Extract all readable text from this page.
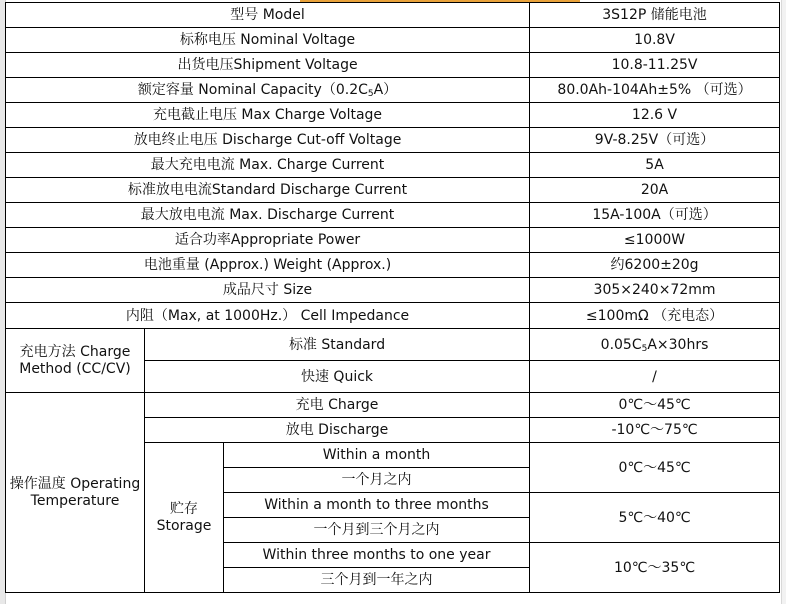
型号 Model			3S12P 储能电池
标称电压 Nominal Voltage			10.8V
出货电压Shipment Voltage			10.8-11.25V
额定容量 Nominal $Capacity(0.2C_5A)$			80.0Ah-104Ah±5% （可选）
充电截止电压 Max Charge Voltage			12.6 V
放电终止电压 Discharge Cut-off Voltage			9V-8.25V（可选）
最大充电电流 Max. Charge Current			5A
标准放电电流Standard Discharge Current			20A
最大放电电流 Max. Discharge Current			15A-100A（可选）
适合功率Appropriate Power			≤1000W
电池重量 (Approx.) Weight (Approx.)			约6200±20g
成品尺寸 Size			305×240×72mm
内阻（Max, at 1000Hz.） Cell Impedance			≤100mΩ （充电态）
充电方法 Charge Method (CC/CV)	标准 Standard		$0.05C_5A\times 30hrs$
	快速 Quick		/
操作温度 Operating Temperature	充电 Charge		0℃～45℃
	放电 Discharge		-10℃～75℃
	贮存 Storage	Within a month	0℃～45℃
		一个月之内	
		Within a month to three months	5℃～40℃
		一个月到三个月之内	
		Within three months to one year	10℃～35℃
		三个月到一年之内	
